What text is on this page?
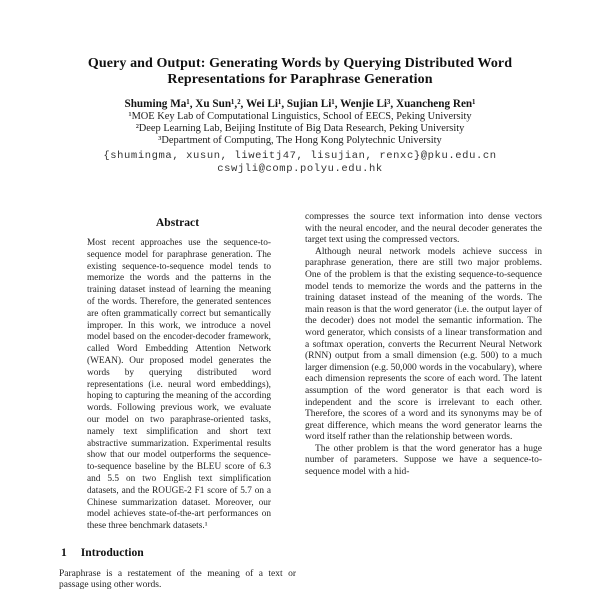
Query and Output: Generating Words by Querying Distributed Word Representations for Paraphrase Generation
Shuming Ma¹, Xu Sun¹,², Wei Li¹, Sujian Li¹, Wenjie Li³, Xuancheng Ren¹
¹MOE Key Lab of Computational Linguistics, School of EECS, Peking University
²Deep Learning Lab, Beijing Institute of Big Data Research, Peking University
³Department of Computing, The Hong Kong Polytechnic University
{shumingma, xusun, liweitj47, lisujian, renxc}@pku.edu.cn
cswjli@comp.polyu.edu.hk
Abstract

Most recent approaches use the sequence-to-sequence model for paraphrase generation. The existing sequence-to-sequence model tends to memorize the words and the patterns in the training dataset instead of learning the meaning of the words. Therefore, the generated sentences are often grammatically correct but semantically improper. In this work, we introduce a novel model based on the encoder-decoder framework, called Word Embedding Attention Network (WEAN). Our proposed model generates the words by querying distributed word representations (i.e. neural word embeddings), hoping to capturing the meaning of the according words. Following previous work, we evaluate our model on two paraphrase-oriented tasks, namely text simplification and short text abstractive summarization. Experimental results show that our model outperforms the sequence-to-sequence baseline by the BLEU score of 6.3 and 5.5 on two English text simplification datasets, and the ROUGE-2 F1 score of 5.7 on a Chinese summarization dataset. Moreover, our model achieves state-of-the-art performances on these three benchmark datasets.¹

1 Introduction

Paraphrase is a restatement of the meaning of a text or passage using other words.

compresses the source text information into dense vectors with the neural encoder, and the neural decoder generates the target text using the compressed vectors.

Although neural network models achieve success in paraphrase generation, there are still two major problems. One of the problem is that the existing sequence-to-sequence model tends to memorize the words and the patterns in the training dataset instead of the meaning of the words. The main reason is that the word generator (i.e. the output layer of the decoder) does not model the semantic information. The word generator, which consists of a linear transformation and a softmax operation, converts the Recurrent Neural Network (RNN) output from a small dimension (e.g. 500) to a much larger dimension (e.g. 50,000 words in the vocabulary), where each dimension represents the score of each word. The latent assumption of the word generator is that each word is independent and the score is irrelevant to each other. Therefore, the scores of a word and its synonyms may be of great difference, which means the word generator learns the word itself rather than the relationship between words.

The other problem is that the word generator has a huge number of parameters. Suppose we have a sequence-to-sequence model with a hid-
